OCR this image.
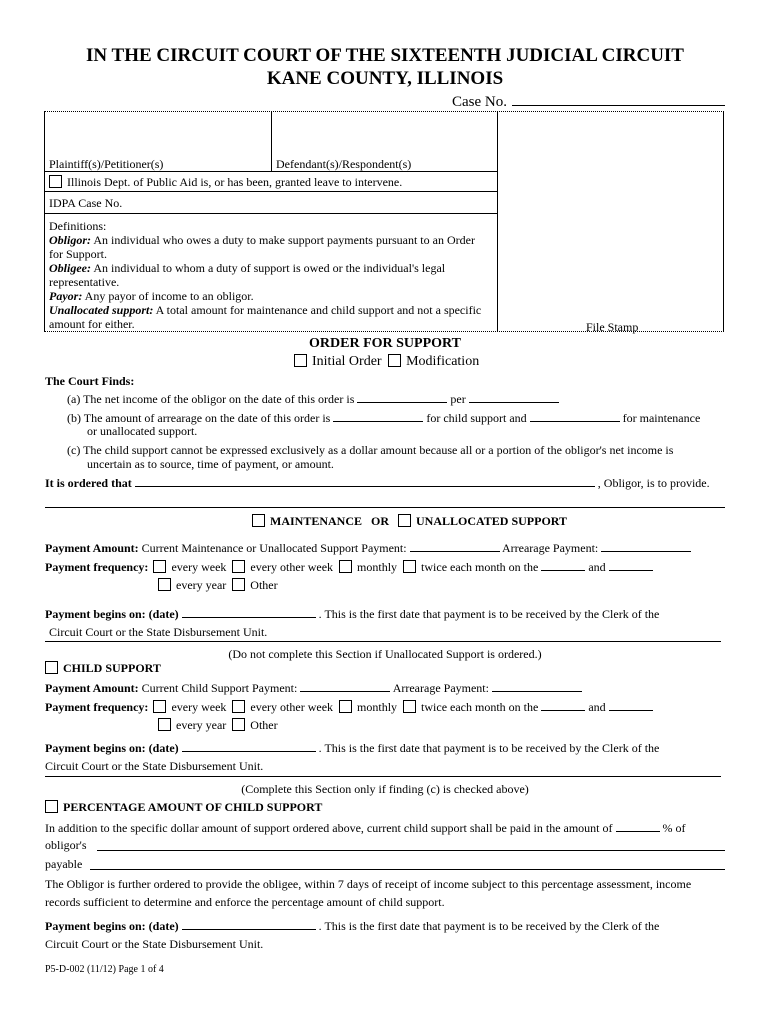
IN THE CIRCUIT COURT OF THE SIXTEENTH JUDICIAL CIRCUIT
KANE COUNTY, ILLINOIS
Case No.
Plaintiff(s)/Petitioner(s)	Defendant(s)/Respondent(s)
Illinois Dept. of Public Aid is, or has been, granted leave to intervene.
IDPA Case No.
File Stamp
Definitions:
Obligor: An individual who owes a duty to make support payments pursuant to an Order for Support.
Obligee: An individual to whom a duty of support is owed or the individual's legal representative.
Payor: Any payor of income to an obligor.
Unallocated support: A total amount for maintenance and child support and not a specific amount for either.
ORDER FOR SUPPORT
Initial Order Modification
The Court Finds:
(a) The net income of the obligor on the date of this order is	per
(b) The amount of arrearage on the date of this order is	for child support and	for maintenance
or unallocated support.
(c) The child support cannot be expressed exclusively as a dollar amount because all or a portion of the obligor's net income is
uncertain as to source, time of payment, or amount.
It is ordered that	, Obligor, is to provide.
MAINTENANCE OR UNALLOCATED SUPPORT
Payment Amount: Current Maintenance or Unallocated Support Payment:	Arrearage Payment:
Payment frequency: every week every other week monthly twice each month on the	and
every year Other
Payment begins on: (date)	. This is the first date that payment is to be received by the Clerk of the
Circuit Court or the State Disbursement Unit.
(Do not complete this Section if Unallocated Support is ordered.)
CHILD SUPPORT
Payment Amount: Current Child Support Payment:	Arrearage Payment:
Payment frequency: every week every other week monthly twice each month on the	and
every year Other
Payment begins on: (date)	. This is the first date that payment is to be received by the Clerk of the
Circuit Court or the State Disbursement Unit.
(Complete this Section only if finding (c) is checked above)
PERCENTAGE AMOUNT OF CHILD SUPPORT
In addition to the specific dollar amount of support ordered above, current child support shall be paid in the amount of	% of
obligor's
payable
The Obligor is further ordered to provide the obligee, within 7 days of receipt of income subject to this percentage assessment, income
records sufficient to determine and enforce the percentage amount of child support.
Payment begins on: (date)	. This is the first date that payment is to be received by the Clerk of the
Circuit Court or the State Disbursement Unit.
P5-D-002 (11/12) Page 1 of 4
